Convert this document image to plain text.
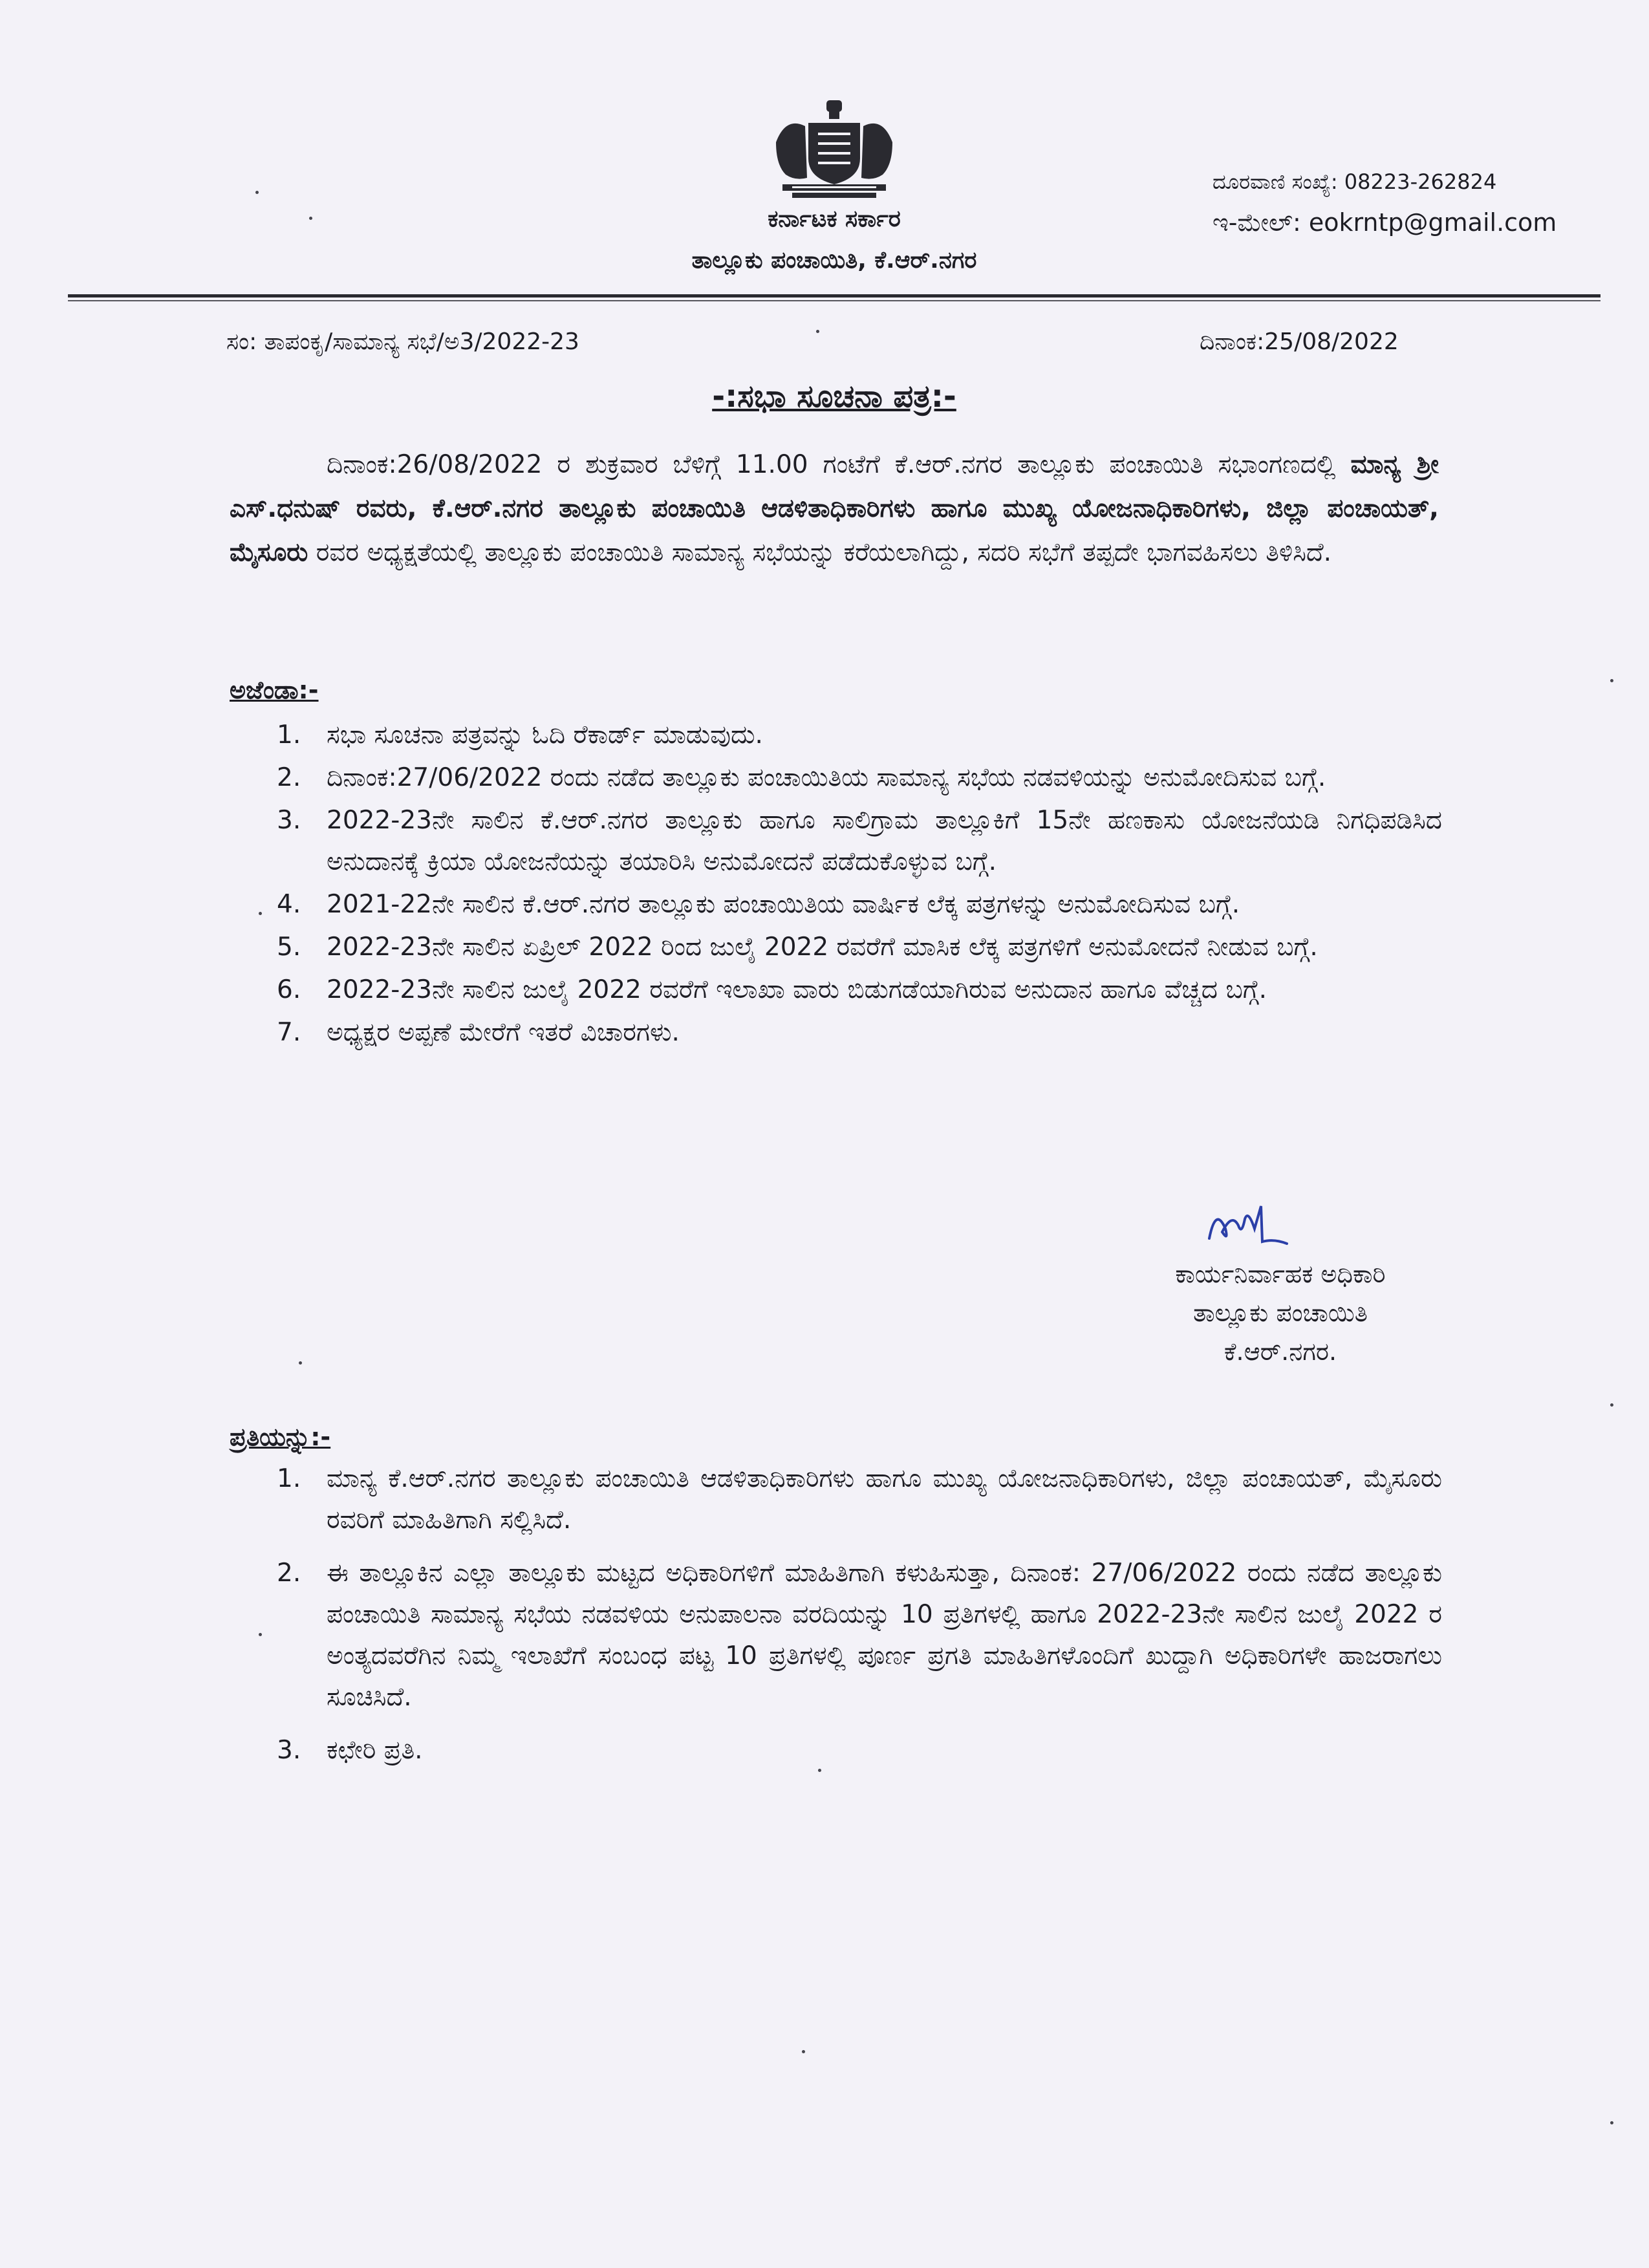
ಕರ್ನಾಟಕ ಸರ್ಕಾರ
ತಾಲ್ಲೂಕು ಪಂಚಾಯಿತಿ, ಕೆ.ಆರ್.ನಗರ
ದೂರವಾಣಿ ಸಂಖ್ಯೆ: 08223-262824
ಇ-ಮೇಲ್: eokrntp@gmail.com
ಸಂ: ತಾಪಂಕೃ/ಸಾಮಾನ್ಯ ಸಭೆ/ಅ3/2022-23	ದಿನಾಂಕ:25/08/2022
-:ಸಭಾ ಸೂಚನಾ ಪತ್ರ:-
ದಿನಾಂಕ:26/08/2022 ರ ಶುಕ್ರವಾರ ಬೆಳಿಗ್ಗೆ 11.00 ಗಂಟೆಗೆ ಕೆ.ಆರ್.ನಗರ ತಾಲ್ಲೂಕು ಪಂಚಾಯಿತಿ ಸಭಾಂಗಣದಲ್ಲಿ ಮಾನ್ಯ ಶ್ರೀ ಎಸ್.ಧನುಷ್ ರವರು, ಕೆ.ಆರ್.ನಗರ ತಾಲ್ಲೂಕು ಪಂಚಾಯಿತಿ ಆಡಳಿತಾಧಿಕಾರಿಗಳು ಹಾಗೂ ಮುಖ್ಯ ಯೋಜನಾಧಿಕಾರಿಗಳು, ಜಿಲ್ಲಾ ಪಂಚಾಯತ್, ಮೈಸೂರು ರವರ ಅಧ್ಯಕ್ಷತೆಯಲ್ಲಿ ತಾಲ್ಲೂಕು ಪಂಚಾಯಿತಿ ಸಾಮಾನ್ಯ ಸಭೆಯನ್ನು ಕರೆಯಲಾಗಿದ್ದು, ಸದರಿ ಸಭೆಗೆ ತಪ್ಪದೇ ಭಾಗವಹಿಸಲು ತಿಳಿಸಿದೆ.
ಅಜೆಂಡಾ:-
1. ಸಭಾ ಸೂಚನಾ ಪತ್ರವನ್ನು ಓದಿ ರೆಕಾರ್ಡ್ ಮಾಡುವುದು.
2. ದಿನಾಂಕ:27/06/2022 ರಂದು ನಡೆದ ತಾಲ್ಲೂಕು ಪಂಚಾಯಿತಿಯ ಸಾಮಾನ್ಯ ಸಭೆಯ ನಡವಳಿಯನ್ನು ಅನುಮೋದಿಸುವ ಬಗ್ಗೆ.
3. 2022-23ನೇ ಸಾಲಿನ ಕೆ.ಆರ್.ನಗರ ತಾಲ್ಲೂಕು ಹಾಗೂ ಸಾಲಿಗ್ರಾಮ ತಾಲ್ಲೂಕಿಗೆ 15ನೇ ಹಣಕಾಸು ಯೋಜನೆಯಡಿ ನಿಗಧಿಪಡಿಸಿದ ಅನುದಾನಕ್ಕೆ ಕ್ರಿಯಾ ಯೋಜನೆಯನ್ನು ತಯಾರಿಸಿ ಅನುಮೋದನೆ ಪಡೆದುಕೊಳ್ಳುವ ಬಗ್ಗೆ.
4. 2021-22ನೇ ಸಾಲಿನ ಕೆ.ಆರ್.ನಗರ ತಾಲ್ಲೂಕು ಪಂಚಾಯಿತಿಯ ವಾರ್ಷಿಕ ಲೆಕ್ಕ ಪತ್ರಗಳನ್ನು ಅನುಮೋದಿಸುವ ಬಗ್ಗೆ.
5. 2022-23ನೇ ಸಾಲಿನ ಏಪ್ರಿಲ್ 2022 ರಿಂದ ಜುಲೈ 2022 ರವರೆಗೆ ಮಾಸಿಕ ಲೆಕ್ಕ ಪತ್ರಗಳಿಗೆ ಅನುಮೋದನೆ ನೀಡುವ ಬಗ್ಗೆ.
6. 2022-23ನೇ ಸಾಲಿನ ಜುಲೈ 2022 ರವರೆಗೆ ಇಲಾಖಾ ವಾರು ಬಿಡುಗಡೆಯಾಗಿರುವ ಅನುದಾನ ಹಾಗೂ ವೆಚ್ಚದ ಬಗ್ಗೆ.
7. ಅಧ್ಯಕ್ಷರ ಅಪ್ಪಣೆ ಮೇರೆಗೆ ಇತರೆ ವಿಚಾರಗಳು.
ಕಾರ್ಯನಿರ್ವಾಹಕ ಅಧಿಕಾರಿ
ತಾಲ್ಲೂಕು ಪಂಚಾಯಿತಿ
ಕೆ.ಆರ್.ನಗರ.
ಪ್ರತಿಯನ್ನು:-
1. ಮಾನ್ಯ ಕೆ.ಆರ್.ನಗರ ತಾಲ್ಲೂಕು ಪಂಚಾಯಿತಿ ಆಡಳಿತಾಧಿಕಾರಿಗಳು ಹಾಗೂ ಮುಖ್ಯ ಯೋಜನಾಧಿಕಾರಿಗಳು, ಜಿಲ್ಲಾ ಪಂಚಾಯತ್, ಮೈಸೂರು ರವರಿಗೆ ಮಾಹಿತಿಗಾಗಿ ಸಲ್ಲಿಸಿದೆ.
2. ಈ ತಾಲ್ಲೂಕಿನ ಎಲ್ಲಾ ತಾಲ್ಲೂಕು ಮಟ್ಟದ ಅಧಿಕಾರಿಗಳಿಗೆ ಮಾಹಿತಿಗಾಗಿ ಕಳುಹಿಸುತ್ತಾ, ದಿನಾಂಕ: 27/06/2022 ರಂದು ನಡೆದ ತಾಲ್ಲೂಕು ಪಂಚಾಯಿತಿ ಸಾಮಾನ್ಯ ಸಭೆಯ ನಡವಳಿಯ ಅನುಪಾಲನಾ ವರದಿಯನ್ನು 10 ಪ್ರತಿಗಳಲ್ಲಿ ಹಾಗೂ 2022-23ನೇ ಸಾಲಿನ ಜುಲೈ 2022 ರ ಅಂತ್ಯದವರೆಗಿನ ನಿಮ್ಮ ಇಲಾಖೆಗೆ ಸಂಬಂಧ ಪಟ್ಟ 10 ಪ್ರತಿಗಳಲ್ಲಿ ಪೂರ್ಣ ಪ್ರಗತಿ ಮಾಹಿತಿಗಳೊಂದಿಗೆ ಖುದ್ದಾಗಿ ಅಧಿಕಾರಿಗಳೇ ಹಾಜರಾಗಲು ಸೂಚಿಸಿದೆ.
3. ಕಛೇರಿ ಪ್ರತಿ.
